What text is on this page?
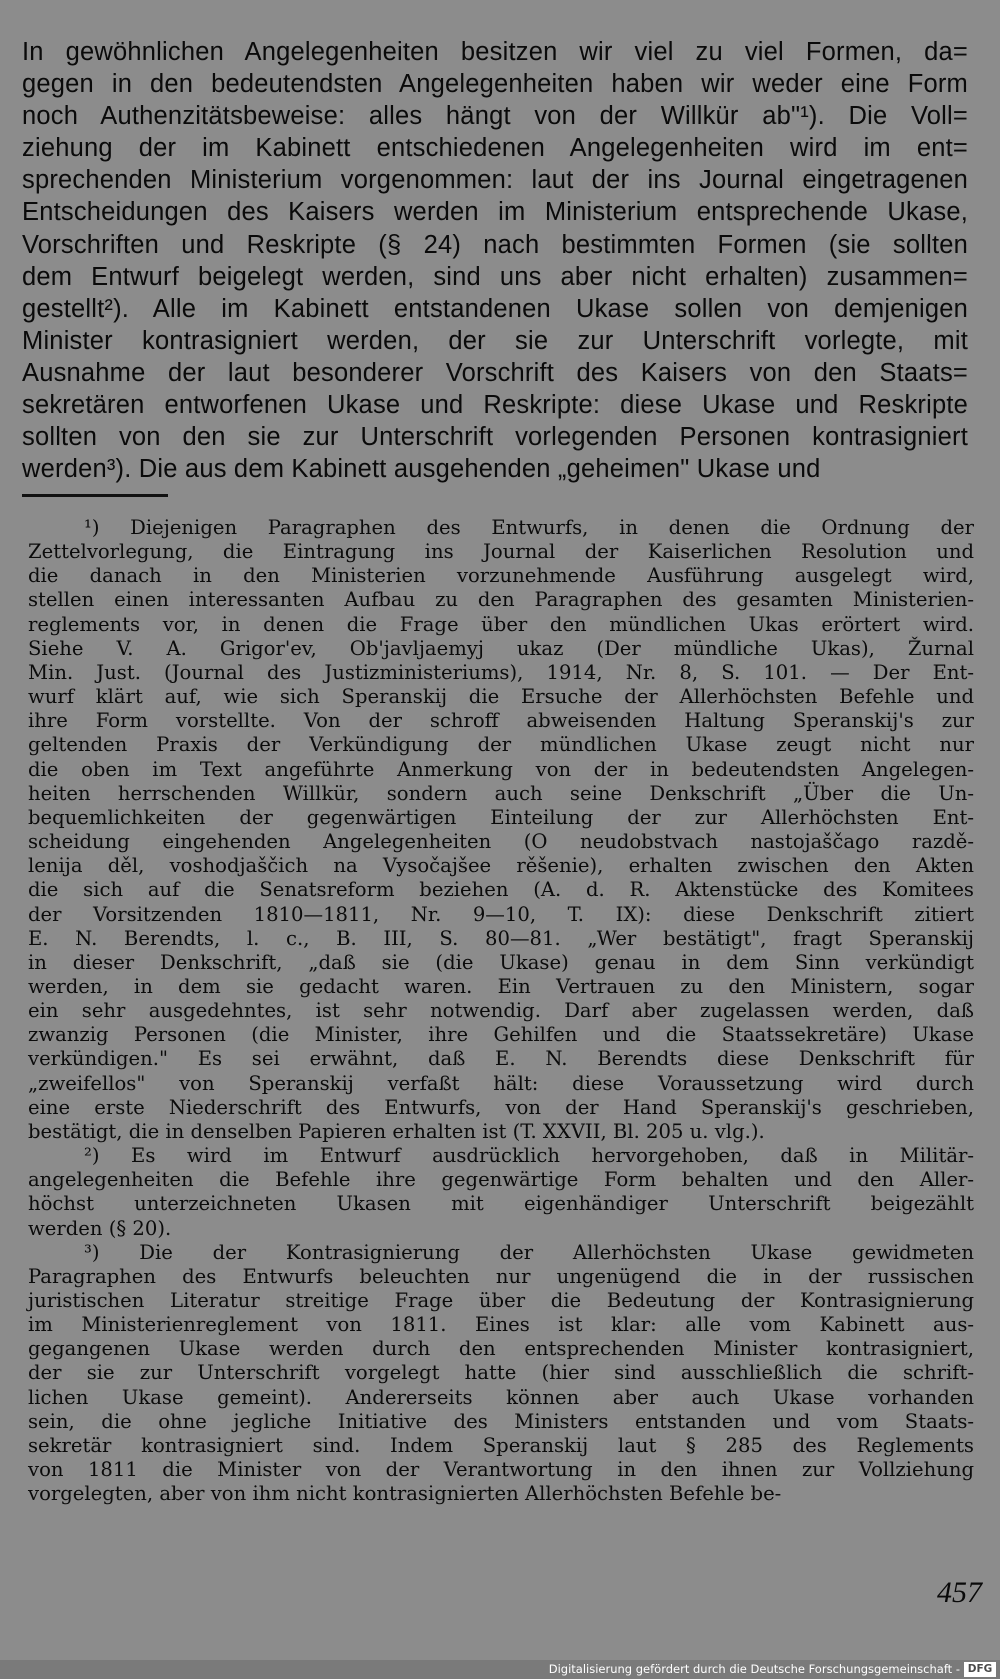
In gewöhnlichen Angelegenheiten besitzen wir viel zu viel Formen, da=
gegen in den bedeutendsten Angelegenheiten haben wir weder eine Form
noch Authenzitätsbeweise: alles hängt von der Willkür ab"¹). Die Voll=
ziehung der im Kabinett entschiedenen Angelegenheiten wird im ent=
sprechenden Ministerium vorgenommen: laut der ins Journal eingetragenen
Entscheidungen des Kaisers werden im Ministerium entsprechende Ukase,
Vorschriften und Reskripte (§ 24) nach bestimmten Formen (sie sollten
dem Entwurf beigelegt werden, sind uns aber nicht erhalten) zusammen=
gestellt²). Alle im Kabinett entstandenen Ukase sollen von demjenigen
Minister kontrasigniert werden, der sie zur Unterschrift vorlegte, mit
Ausnahme der laut besonderer Vorschrift des Kaisers von den Staats=
sekretären entworfenen Ukase und Reskripte: diese Ukase und Reskripte
sollten von den sie zur Unterschrift vorlegenden Personen kontrasigniert
werden³). Die aus dem Kabinett ausgehenden „geheimen" Ukase und
¹) Diejenigen Paragraphen des Entwurfs, in denen die Ordnung der
Zettelvorlegung, die Eintragung ins Journal der Kaiserlichen Resolution und
die danach in den Ministerien vorzunehmende Ausführung ausgelegt wird,
stellen einen interessanten Aufbau zu den Paragraphen des gesamten Ministerien-
reglements vor, in denen die Frage über den mündlichen Ukas erörtert wird.
Siehe V. A. Grigor'ev, Ob'javljaemyj ukaz (Der mündliche Ukas), Žurnal
Min. Just. (Journal des Justizministeriums), 1914, Nr. 8, S. 101. — Der Ent-
wurf klärt auf, wie sich Speranskij die Ersuche der Allerhöchsten Befehle und
ihre Form vorstellte. Von der schroff abweisenden Haltung Speranskij's zur
geltenden Praxis der Verkündigung der mündlichen Ukase zeugt nicht nur
die oben im Text angeführte Anmerkung von der in bedeutendsten Angelegen-
heiten herrschenden Willkür, sondern auch seine Denkschrift „Über die Un-
bequemlichkeiten der gegenwärtigen Einteilung der zur Allerhöchsten Ent-
scheidung eingehenden Angelegenheiten (O neudobstvach nastojaščago razdě-
lenija děl, voshodjaščich na Vysočajšee rěšenie), erhalten zwischen den Akten
die sich auf die Senatsreform beziehen (A. d. R. Aktenstücke des Komitees
der Vorsitzenden 1810—1811, Nr. 9—10, T. IX): diese Denkschrift zitiert
E. N. Berendts, l. c., B. III, S. 80—81. „Wer bestätigt", fragt Speranskij
in dieser Denkschrift, „daß sie (die Ukase) genau in dem Sinn verkündigt
werden, in dem sie gedacht waren. Ein Vertrauen zu den Ministern, sogar
ein sehr ausgedehntes, ist sehr notwendig. Darf aber zugelassen werden, daß
zwanzig Personen (die Minister, ihre Gehilfen und die Staatssekretäre) Ukase
verkündigen." Es sei erwähnt, daß E. N. Berendts diese Denkschrift für
„zweifellos" von Speranskij verfaßt hält: diese Voraussetzung wird durch
eine erste Niederschrift des Entwurfs, von der Hand Speranskij's geschrieben,
bestätigt, die in denselben Papieren erhalten ist (T. XXVII, Bl. 205 u. vlg.).
²) Es wird im Entwurf ausdrücklich hervorgehoben, daß in Militär-
angelegenheiten die Befehle ihre gegenwärtige Form behalten und den Aller-
höchst unterzeichneten Ukasen mit eigenhändiger Unterschrift beigezählt
werden (§ 20).
³) Die der Kontrasignierung der Allerhöchsten Ukase gewidmeten
Paragraphen des Entwurfs beleuchten nur ungenügend die in der russischen
juristischen Literatur streitige Frage über die Bedeutung der Kontrasignierung
im Ministerienreglement von 1811. Eines ist klar: alle vom Kabinett aus-
gegangenen Ukase werden durch den entsprechenden Minister kontrasigniert,
der sie zur Unterschrift vorgelegt hatte (hier sind ausschließlich die schrift-
lichen Ukase gemeint). Andererseits können aber auch Ukase vorhanden
sein, die ohne jegliche Initiative des Ministers entstanden und vom Staats-
sekretär kontrasigniert sind. Indem Speranskij laut § 285 des Reglements
von 1811 die Minister von der Verantwortung in den ihnen zur Vollziehung
vorgelegten, aber von ihm nicht kontrasignierten Allerhöchsten Befehle be-
457
Digitalisierung gefördert durch die Deutsche Forschungsgemeinschaft - DFG
